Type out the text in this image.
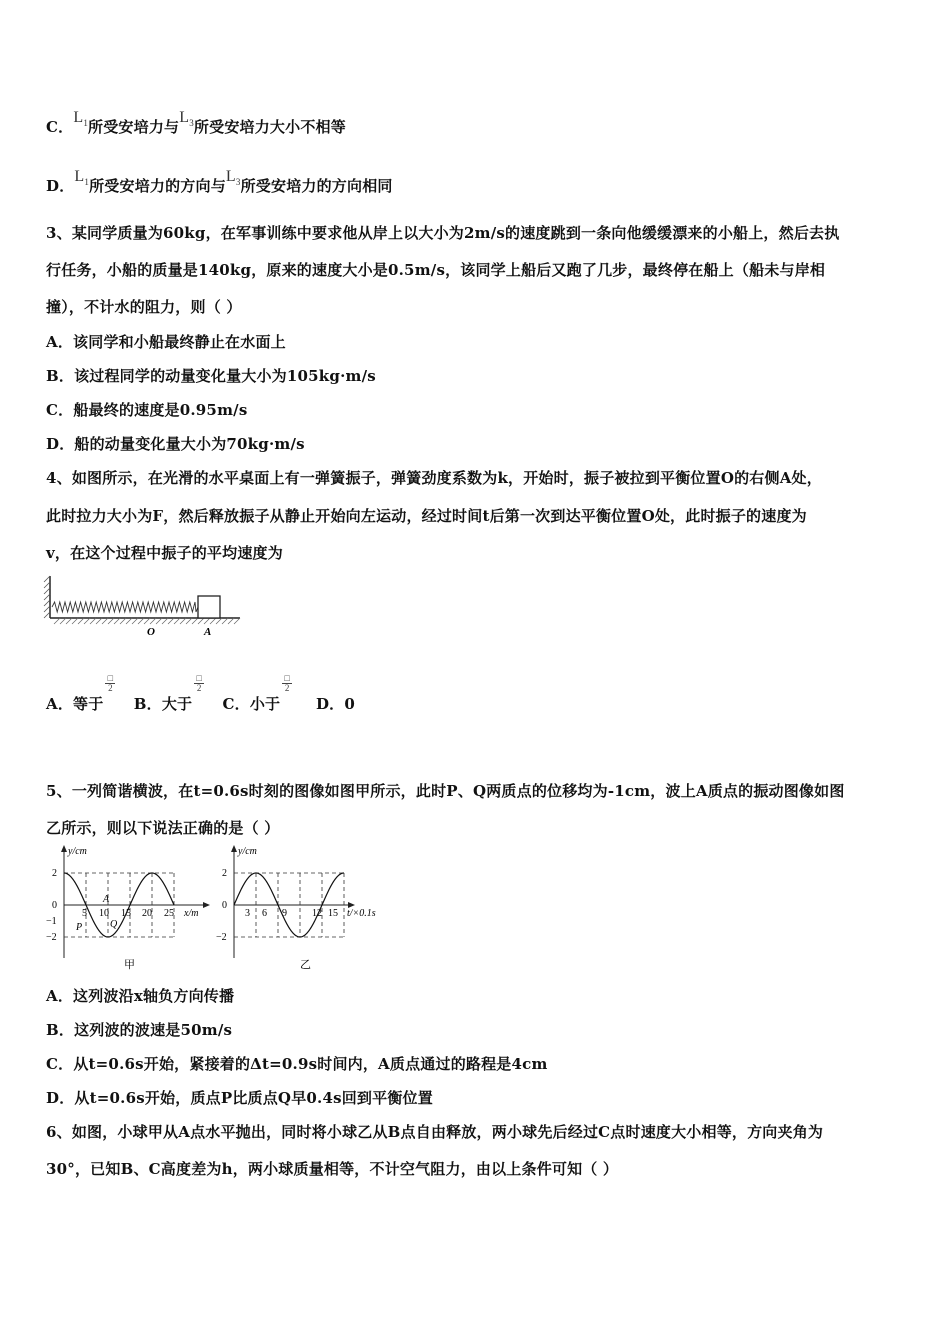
C．$L_1$所受安培力与$L_3$所受安培力大小不相等
D．$L_1$所受安培力的方向与$L_3$所受安培力的方向相同
3、某同学质量为60kg，在军事训练中要求他从岸上以大小为2m/s的速度跳到一条向他缓缓漂来的小船上，然后去执
行任务，小船的质量是140kg，原来的速度大小是0.5m/s，该同学上船后又跑了几步，最终停在船上（船未与岸相
撞），不计水的阻力，则（ ）
A．该同学和小船最终静止在水面上
B．该过程同学的动量变化量大小为105kg·m/s
C．船最终的速度是0.95m/s
D．船的动量变化量大小为70kg·m/s
4、如图所示，在光滑的水平桌面上有一弹簧振子，弹簧劲度系数为k，开始时，振子被拉到平衡位置O的右侧A处，
此时拉力大小为F，然后释放振子从静止开始向左运动，经过时间t后第一次到达平衡位置O处，此时振子的速度为
v，在这个过程中振子的平均速度为
O	A
A．等于
$\frac{□}{2}$
B．大于
$\frac{□}{2}$
C．小于
$\frac{□}{2}$
D．0
5、一列简谐横波，在t=0.6s时刻的图像如图甲所示，此时P、Q两质点的位移均为-1cm，波上A质点的振动图像如图
乙所示，则以下说法正确的是（ ）
y/cm
x/m
2
0
−1
−2
5 10 15 20 25
P	Q
A
甲
y/cm
t/×0.1s
2
0
−2
3 6 9	12 15
乙
A．这列波沿x轴负方向传播
B．这列波的波速是50m/s
C．从t=0.6s开始，紧接着的Δt=0.9s时间内，A质点通过的路程是4cm
D．从t=0.6s开始，质点P比质点Q早0.4s回到平衡位置
6、如图，小球甲从A点水平抛出，同时将小球乙从B点自由释放，两小球先后经过C点时速度大小相等，方向夹角为
30°，已知B、C高度差为h，两小球质量相等，不计空气阻力，由以上条件可知（ ）
